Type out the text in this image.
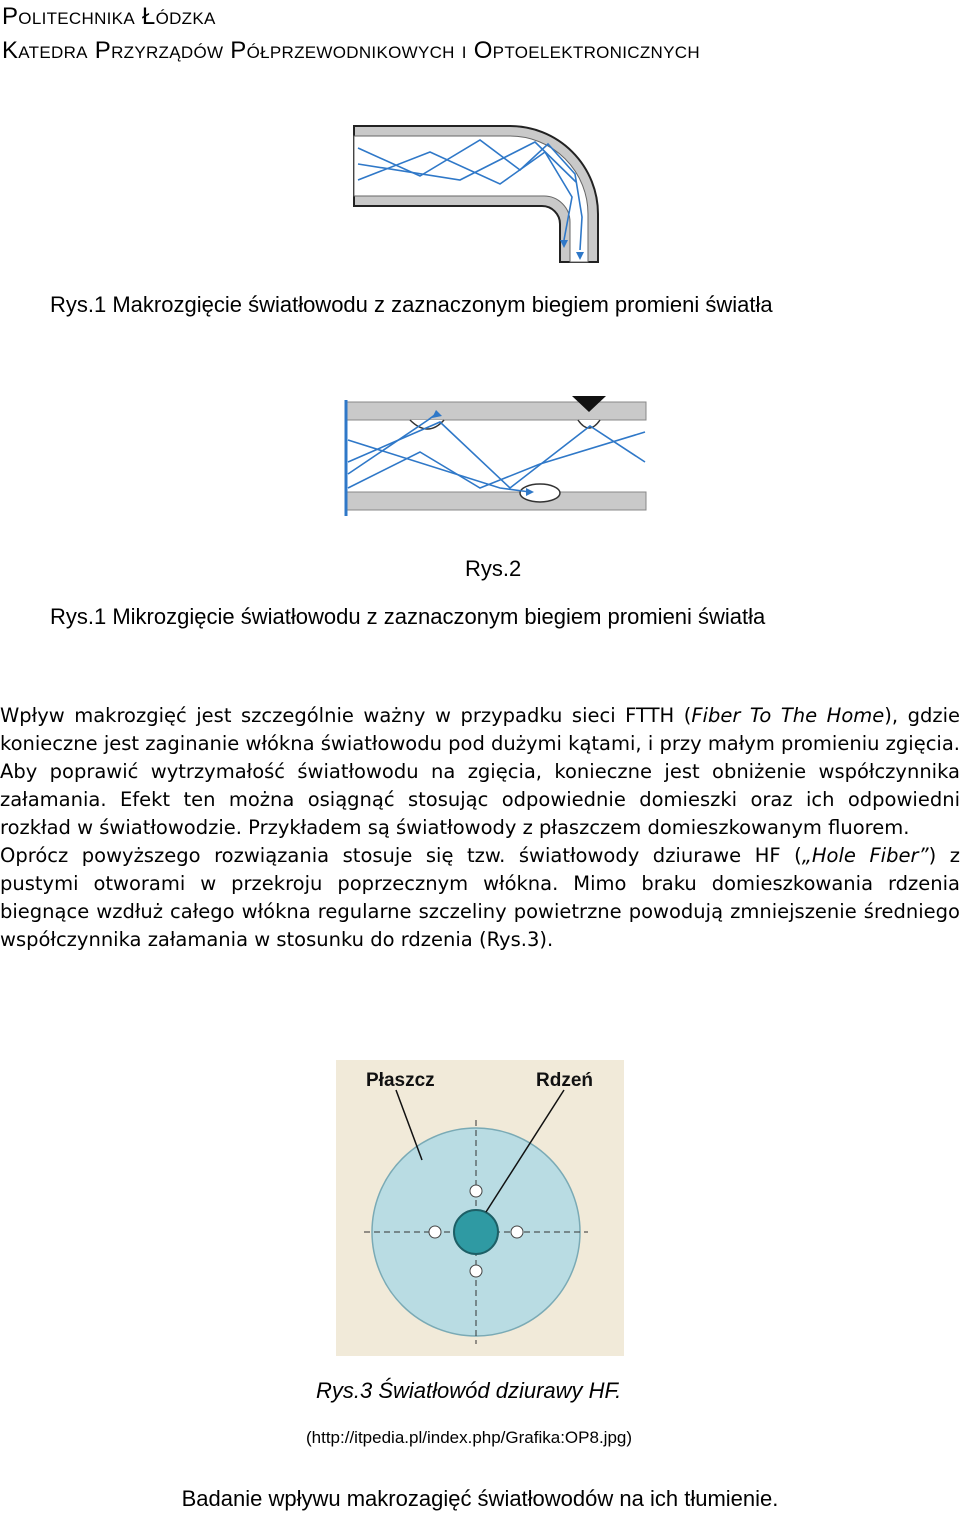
Politechnika Łódzka
Katedra Przyrządów Półprzewodnikowych i Optoelektronicznych
Rys.1 Makrozgięcie światłowodu z zaznaczonym biegiem promieni światła
Rys.2
Rys.1 Mikrozgięcie światłowodu z zaznaczonym biegiem promieni światła

Wpływ makrozgięć jest szczególnie ważny w przypadku sieci FTTH (Fiber To The Home), gdzie konieczne jest zaginanie włókna światłowodu pod dużymi kątami, i przy małym promieniu zgięcia. Aby poprawić wytrzymałość światłowodu na zgięcia, konieczne jest obniżenie współczynnika załamania. Efekt ten można osiągnąć stosując odpowiednie domieszki oraz ich odpowiedni rozkład w światłowodzie. Przykładem są światłowody z płaszczem domieszkowanym fluorem.

Oprócz powyższego rozwiązania stosuje się tzw. światłowody dziurawe HF („Hole Fiber”) z pustymi otworami w przekroju poprzecznym włókna. Mimo braku domieszkowania rdzenia biegnące wzdłuż całego włókna regularne szczeliny powietrzne powodują zmniejszenie średniego współczynnika załamania w stosunku do rdzenia (Rys.3).

Płaszcz	Rdzeń
Rys.3 Światłowód dziurawy HF.
(http://itpedia.pl/index.php/Grafika:OP8.jpg)
Badanie wpływu makrozagięć światłowodów na ich tłumienie.
